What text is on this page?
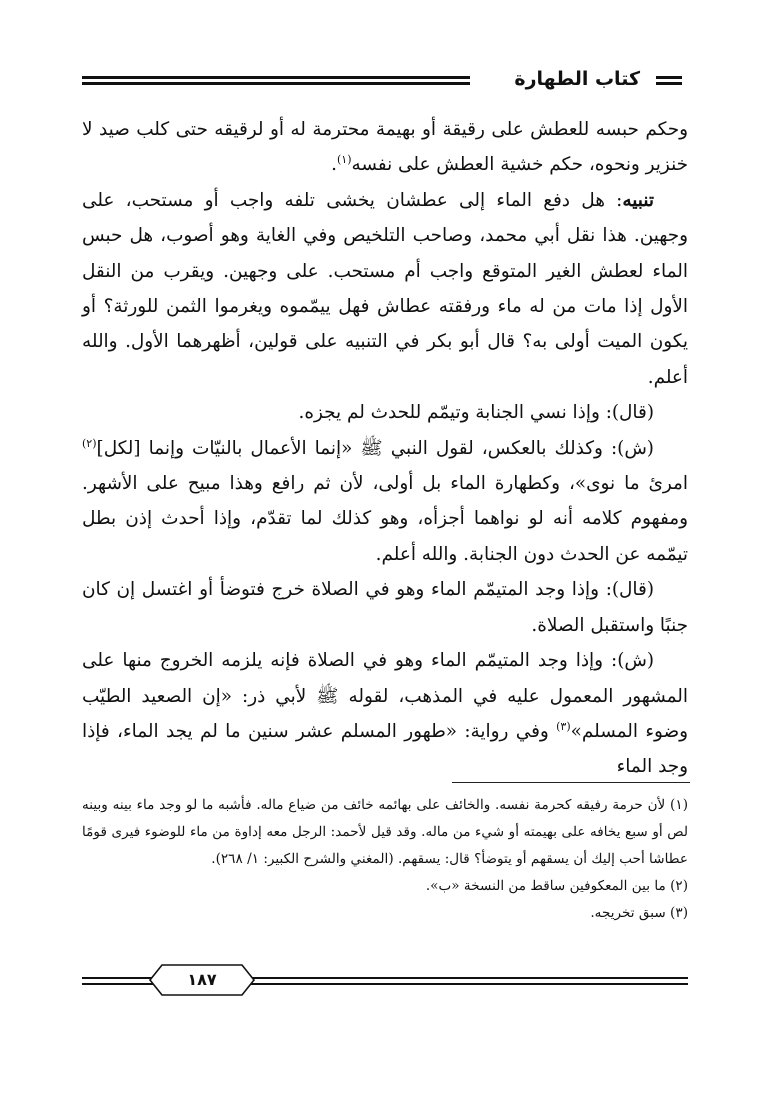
كتاب الطهارة

وحكم حبسه للعطش على رقيقة أو بهيمة محترمة له أو لرقيقه حتى كلب صيد لا خنزير ونحوه، حكم خشية العطش على نفسه$^{(١)}$.

تنبيه: هل دفع الماء إلى عطشان يخشى تلفه واجب أو مستحب، على وجهين. هذا نقل أبي محمد، وصاحب التلخيص وفي الغاية وهو أصوب، هل حبس الماء لعطش الغير المتوقع واجب أم مستحب. على وجهين. ويقرب من النقل الأول إذا مات من له ماء ورفقته عطاش فهل ييمّموه ويغرموا الثمن للورثة؟ أو يكون الميت أولى به؟ قال أبو بكر في التنبيه على قولين، أظهرهما الأول. والله أعلم.

(قال): وإذا نسي الجنابة وتيمّم للحدث لم يجزه.

(ش): وكذلك بالعكس، لقول النبي ﷺ «إنما الأعمال بالنيّات وإنما [لكل]$^{(٢)}$ امرئ ما نوى»، وكطهارة الماء بل أولى، لأن ثم رافع وهذا مبيح على الأشهر. ومفهوم كلامه أنه لو نواهما أجزأه، وهو كذلك لما تقدّم، وإذا أحدث إذن بطل تيمّمه عن الحدث دون الجنابة. والله أعلم.

(قال): وإذا وجد المتيمّم الماء وهو في الصلاة خرج فتوضأ أو اغتسل إن كان جنبًا واستقبل الصلاة.

(ش): وإذا وجد المتيمّم الماء وهو في الصلاة فإنه يلزمه الخروج منها على المشهور المعمول عليه في المذهب، لقوله ﷺ لأبي ذر: «إن الصعيد الطيّب وضوء المسلم»$^{(٣)}$ وفي رواية: «طهور المسلم عشر سنين ما لم يجد الماء، فإذا وجد الماء

(١) لأن حرمة رفيقه كحرمة نفسه. والخائف على بهائمه خائف من ضياع ماله. فأشبه ما لو وجد ماء بينه وبينه لص أو سبع يخافه على بهيمته أو شيء من ماله. وقد قيل لأحمد: الرجل معه إداوة من ماء للوضوء فيرى قومًا عطاشا أحب إليك أن يسقهم أو يتوضأ؟ قال: يسقهم. (المغني والشرح الكبير: ١/ ٢٦٨).

(٢) ما بين المعكوفين ساقط من النسخة «ب».

(٣) سبق تخريجه.

١٨٧
